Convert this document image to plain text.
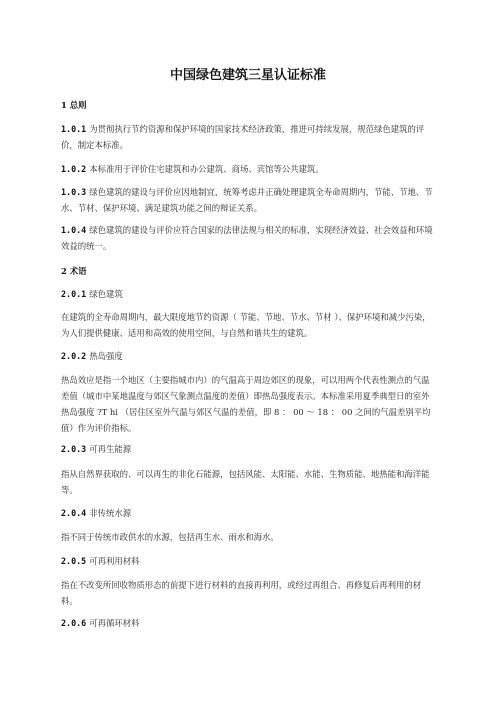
中国绿色建筑三星认证标准
1 总则
1.0.1 为贯彻执行节约资源和保护环境的国家技术经济政策，推进可持续发展，规范绿色建筑的评价，制定本标准。
1.0.2 本标准用于评价住宅建筑和办公建筑、商场、宾馆等公共建筑。
1.0.3 绿色建筑的建设与评价应因地制宜，统筹考虑并正确处理建筑全寿命周期内，节能、节地、节水、节材、保护环境、满足建筑功能之间的辩证关系。
1.0.4 绿色建筑的建设与评价应符合国家的法律法规与相关的标准，实现经济效益、社会效益和环境效益的统一。
2 术语
2.0.1 绿色建筑
在建筑的全寿命周期内，最大限度地节约资源（ 节能、节地、节水、节材 ）、保护环境和减少污染，为人们提供健康、适用和高效的使用空间，与自然和谐共生的建筑。
2.0.2 热岛强度
热岛效应是指一个地区（主要指城市内）的气温高于周边郊区的现象，可以用两个代表性测点的气温差值（城市中某地温度与郊区气象测点温度的差值）即热岛强度表示。本标准采用夏季典型日的室外热岛强度 ?T hi （居住区室外气温与郊区气温的差值，即 8 ： 00 ～ 18 ： 00 之间的气温差别平均值）作为评价指标。
2.0.3 可再生能源
指从自然界获取的、可以再生的非化石能源，包括风能、太阳能、水能、生物质能、地热能和海洋能等。
2.0.4 非传统水源
指不同于传统市政供水的水源，包括再生水、雨水和海水。
2.0.5 可再利用材料
指在不改变所回收物质形态的前提下进行材料的直接再利用，或经过再组合、再修复后再利用的材料。
2.0.6 可再循环材料
